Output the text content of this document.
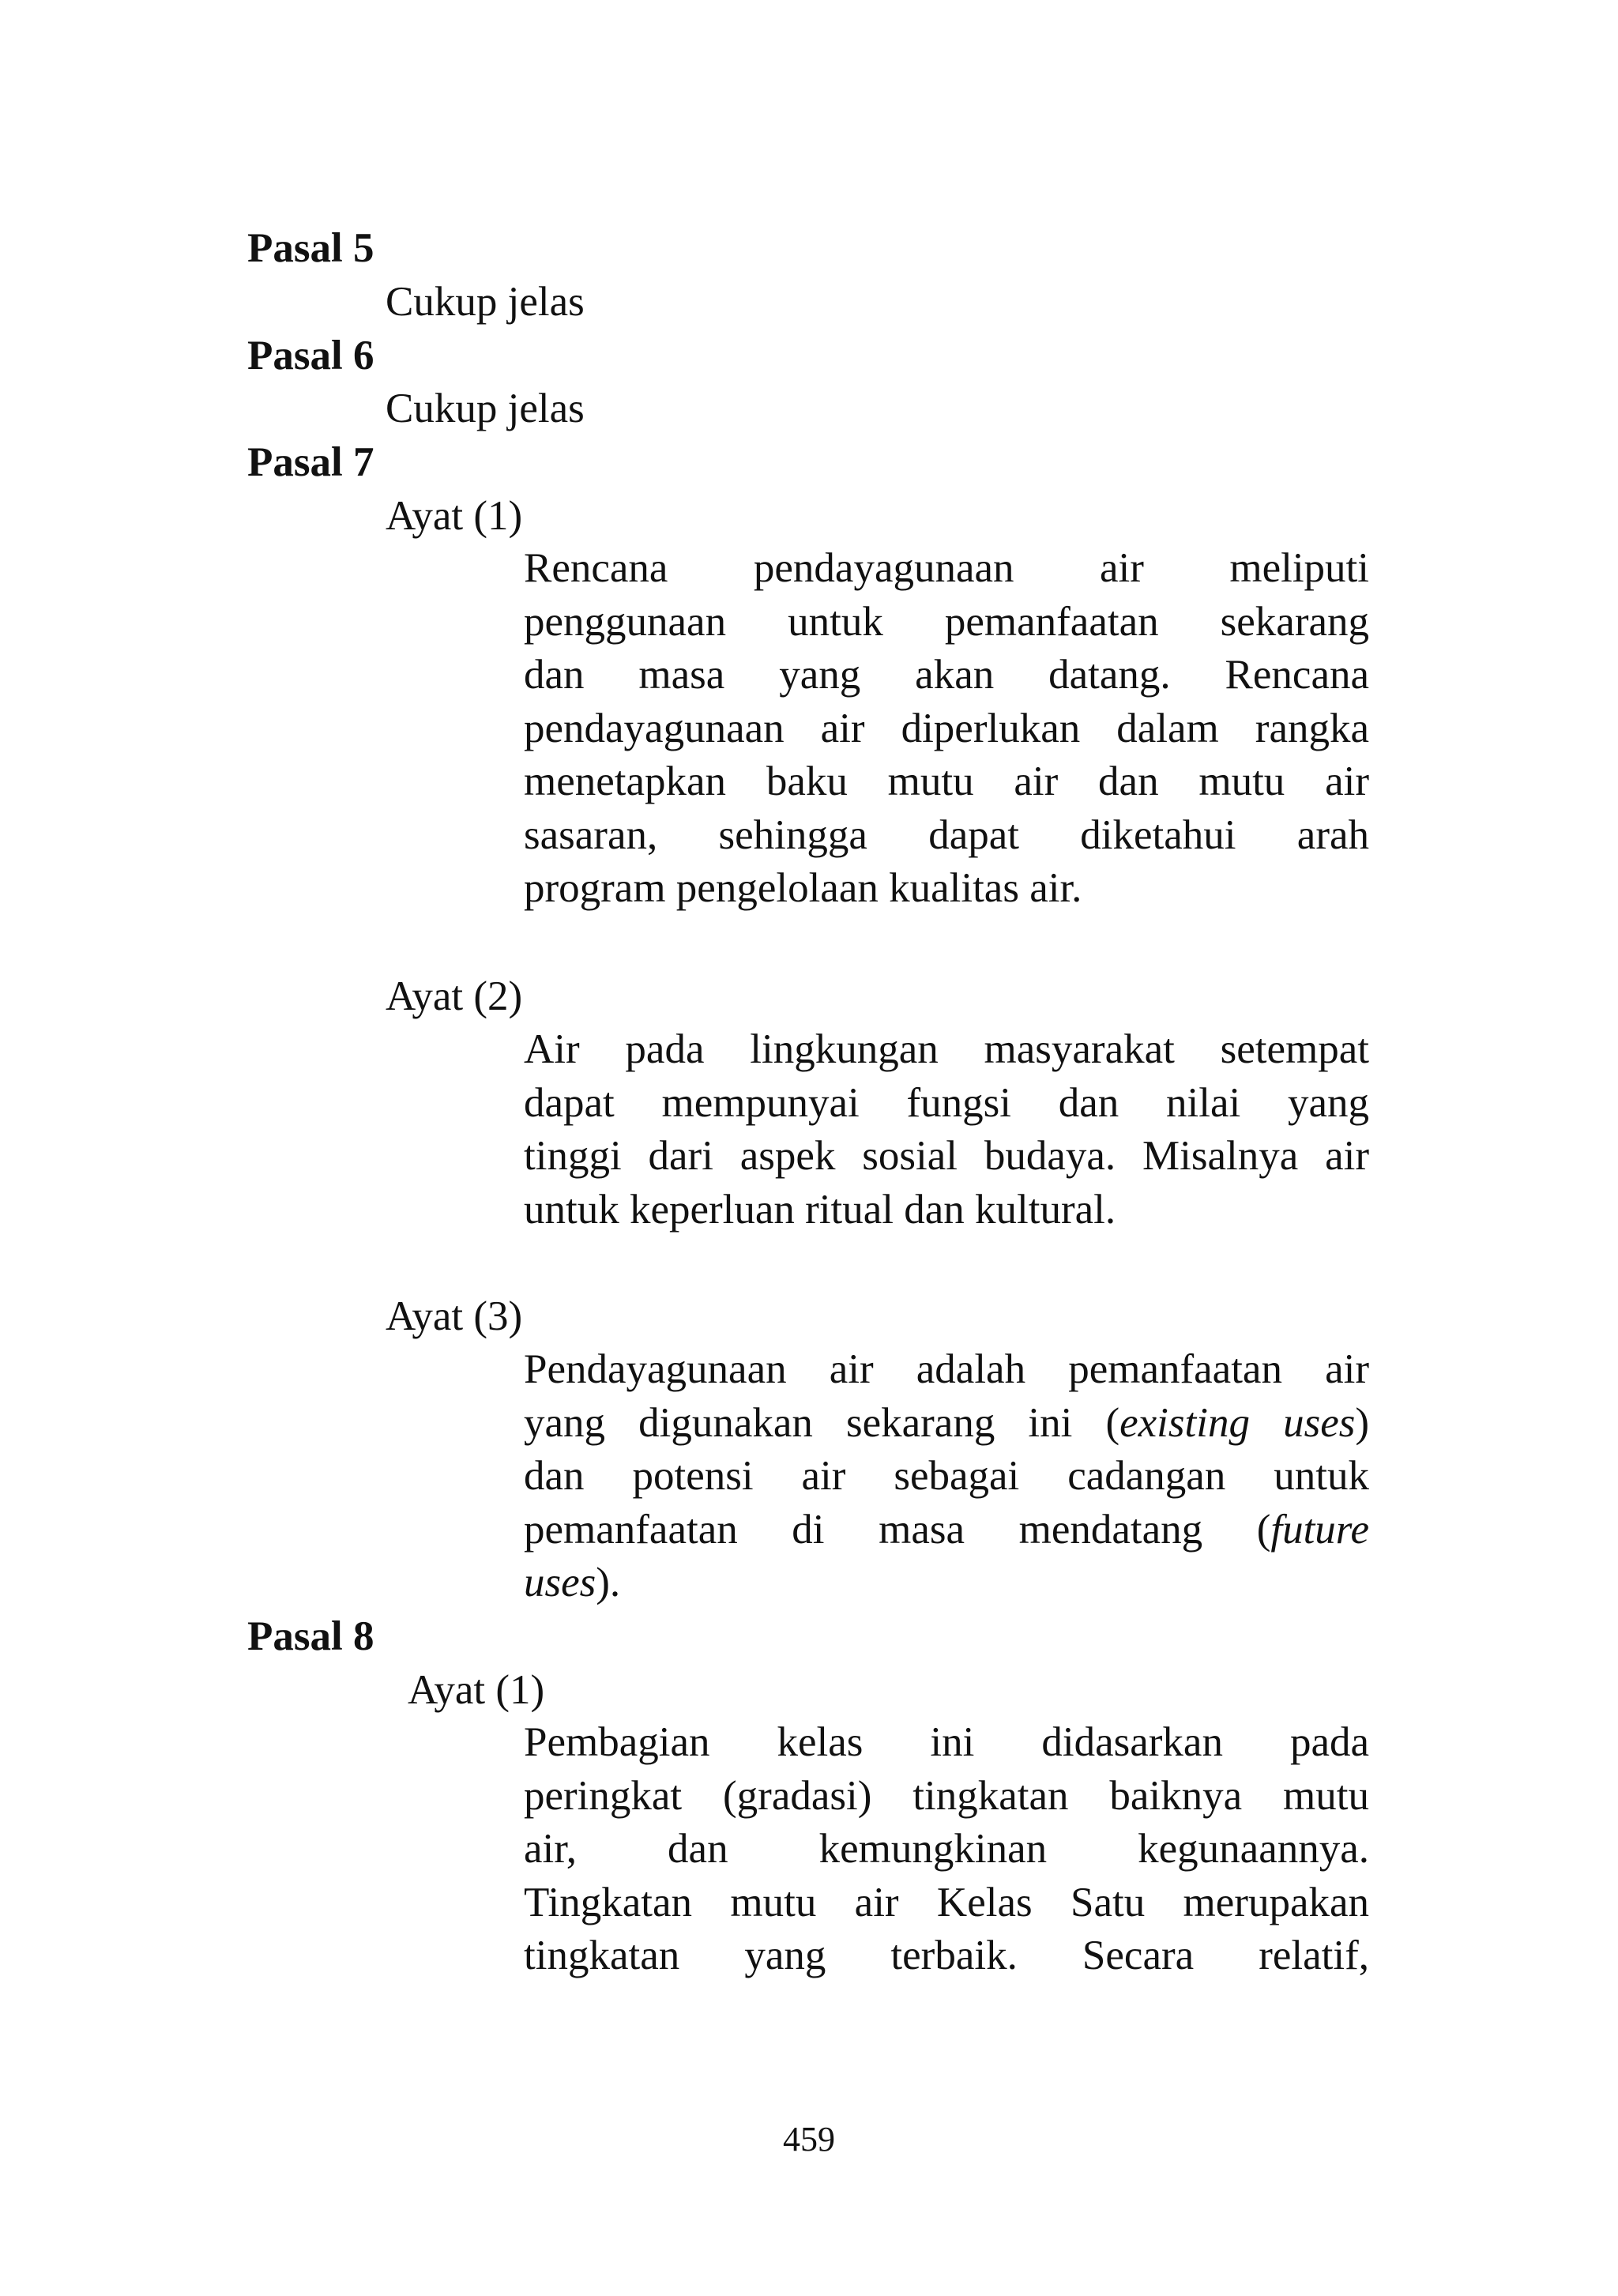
Pasal 5
Cukup jelas
Pasal 6
Cukup jelas
Pasal 7
Ayat (1)

Rencana pendayagunaan air meliputi

penggunaan untuk pemanfaatan sekarang

dan masa yang akan datang. Rencana

pendayagunaan air diperlukan dalam rangka

menetapkan baku mutu air dan mutu air

sasaran, sehingga dapat diketahui arah

program pengelolaan kualitas air.

Ayat (2)

Air pada lingkungan masyarakat setempat

dapat mempunyai fungsi dan nilai yang

tinggi dari aspek sosial budaya. Misalnya air

untuk keperluan ritual dan kultural.

Ayat (3)

Pendayagunaan air adalah pemanfaatan air

yang digunakan sekarang ini (existing uses)

dan potensi air sebagai cadangan untuk

pemanfaatan di masa mendatang (future

uses).

Pasal 8
Ayat (1)

Pembagian kelas ini didasarkan pada

peringkat (gradasi) tingkatan baiknya mutu

air, dan kemungkinan kegunaannya.

Tingkatan mutu air Kelas Satu merupakan

tingkatan yang terbaik. Secara relatif,

459
